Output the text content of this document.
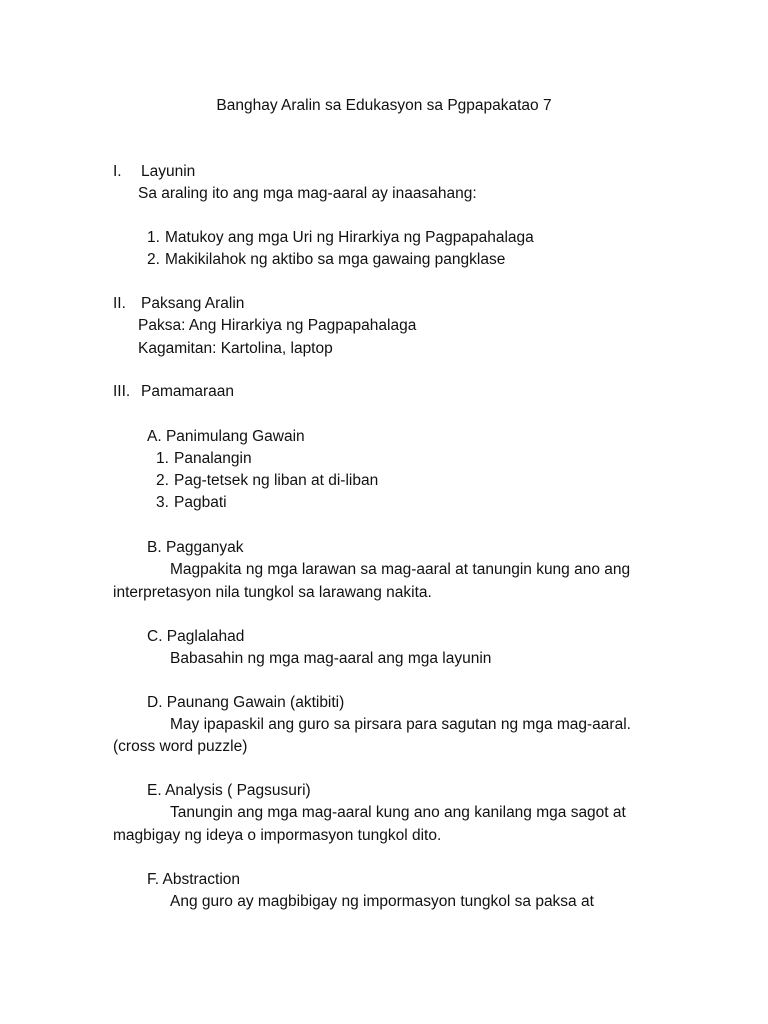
Banghay Aralin sa Edukasyon sa Pgpapakatao 7
I. Layunin
Sa araling ito ang mga mag-aaral ay inaasahang:
1. Matukoy ang mga Uri ng Hirarkiya ng Pagpapahalaga
2. Makikilahok ng aktibo sa mga gawaing pangklase
II. Paksang Aralin
Paksa: Ang Hirarkiya ng Pagpapahalaga
Kagamitan: Kartolina, laptop
III. Pamamaraan
A. Panimulang Gawain
1. Panalangin
2. Pag-tetsek ng liban at di-liban
3. Pagbati
B. Pagganyak
Magpakita ng mga larawan sa mag-aaral at tanungin kung ano ang
interpretasyon nila tungkol sa larawang nakita.
C. Paglalahad
Babasahin ng mga mag-aaral ang mga layunin
D. Paunang Gawain (aktibiti)
May ipapaskil ang guro sa pirsara para sagutan ng mga mag-aaral.
(cross word puzzle)
E. Analysis ( Pagsusuri)
Tanungin ang mga mag-aaral kung ano ang kanilang mga sagot at
magbigay ng ideya o impormasyon tungkol dito.
F. Abstraction
Ang guro ay magbibigay ng impormasyon tungkol sa paksa at
